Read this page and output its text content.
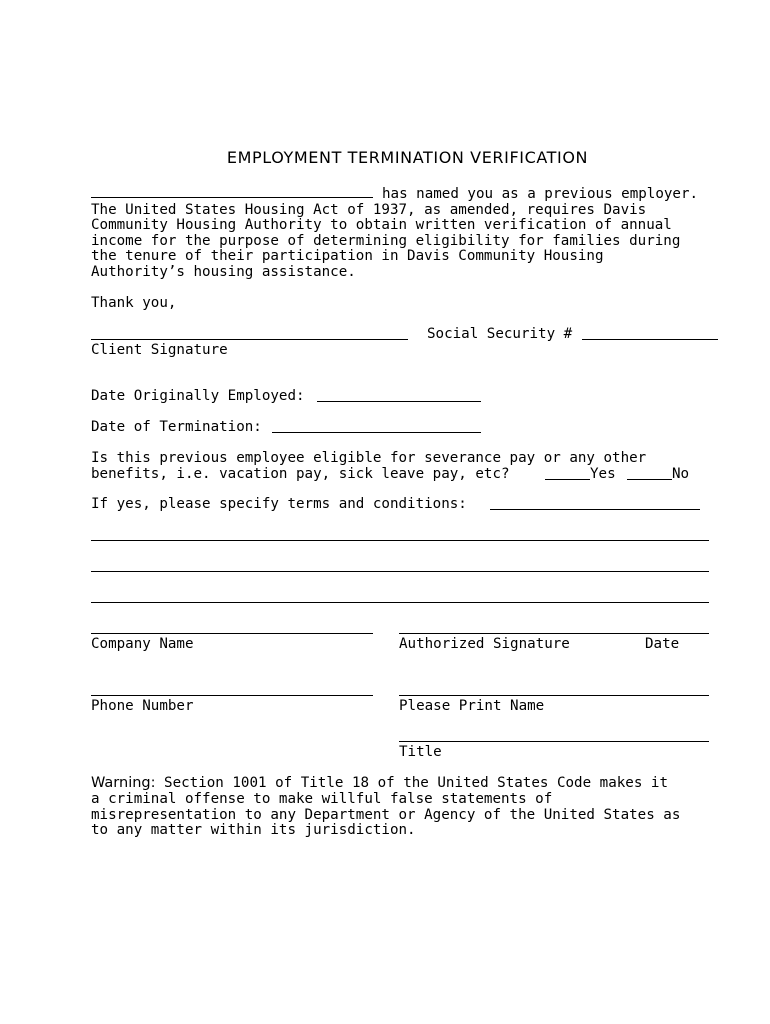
EMPLOYMENT TERMINATION VERIFICATION
has named you as a previous employer.
The United States Housing Act of 1937, as amended, requires Davis
Community Housing Authority to obtain written verification of annual
income for the purpose of determining eligibility for families during
the tenure of their participation in Davis Community Housing
Authority’s housing assistance.
Thank you,
Social Security #
Client Signature
Date Originally Employed:
Date of Termination:
Is this previous employee eligible for severance pay or any other
benefits, i.e. vacation pay, sick leave pay, etc?	Yes	No
If yes, please specify terms and conditions:
Company Name	Authorized Signature	Date
Phone Number	Please Print Name
Title
Warning: Section 1001 of Title 18 of the United States Code makes it
a criminal offense to make willful false statements of
misrepresentation to any Department or Agency of the United States as
to any matter within its jurisdiction.
